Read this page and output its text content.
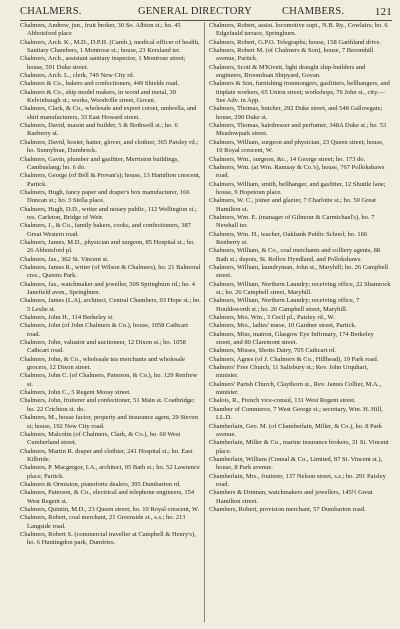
CHALMERS.	GENERAL DIRECTORY	CHAMBERS.	121

Chalmers, Andrew, jun., fruit broker, 30 So. Albion st.; ho. 45 Abbotsford place

Chalmers, Arch. K., M.D., D.P.H. (Camb.), medical officer of health, Sanitary Chambers, 1 Montrose st.; house, 23 Kersland ter.

Chalmers, Arch., assistant sanitary inspector, 1 Montrose street; house, 591 Duke street.

Chalmers, Arch. L., clerk, 749 New City rd.

Chalmers & Co., bakers and confectioners, 449 Shields road.

Chalmers & Co., ship model makers, in wood and metal, 39 Kelvinbaugh st.; works, Woodville street, Govan.

Chalmers, Clark, & Co., wholesale and export corset, umbrella, and shirt manufacturers, 33 East Howard street.

Chalmers, David, mason and builder, 5 & Bothwell st.; ho. 6 Raeberry st.

Chalmers, David, hosier, hatter, glover, and clothier, 365 Paisley rd.; ho. Sunnybrae, Dumbreck.

Chalmers, Gavin, plumber and gasfitter, Merriston buildings, Cambuslang; ho. 6 do.

Chalmers, George (of Bell & Provan's); house, 13 Hamilton crescent, Partick.

Chalmers, Hugh, fancy paper and draper's box manufacturer, 166 Duncan st.; ho. 3 Stella place.

Chalmers, Hugh, D.D., writer and notary public, 112 Wellington st.; res. Carleton, Bridge of Weir.

Chalmers, J., & Co., family bakers, cooks, and confectioners, 387 Great Western road.

Chalmers, James, M.D., physician and surgeon, 85 Hospital st.; ho. 26 Abbotsford pl.

Chalmers, Jas., 362 St. Vincent st.

Chalmers, James R., writer (of Wilson & Chalmers), ho. 21 Balmoral cres., Queens Park.

Chalmers, Jas., watchmaker and jeweller, 509 Springburn rd.; ho. 4 Janefield aven., Springburn.

Chalmers, James (L.A), architect, Central Chambers, 93 Hope st.; ho. 5 Leslie st.

Chalmers, John H., 114 Berkeley st.

Chalmers, John (of John Chalmers & Co.), house, 1058 Cathcart road.

Chalmers, John, valuator and auctioneer, 12 Dixon st.; ho. 1058 Cathcart road.

Chalmers, John, & Co., wholesale tea merchants and wholesale grocers, 12 Dixon street.

Chalmers, John C. (of Chalmers, Paterson, & Co.), ho. 129 Renfrew st.

Chalmers, John C., 5 Regent Moray street.

Chalmers, John, fruiterer and confectioner, 51 Main st. Coatbridge; ho. 22 Crichton st. do.

Chalmers, M., house factor, property and insurance agent, 29 Steven st; house, 192 New City road.

Chalmers, Malcolm (of Chalmers, Clark, & Co.), ho. 60 West Cumberland street.

Chalmers, Martin R. draper and clothier, 241 Hospital st.; ho. East Kilbride.

Chalmers, P. Macgregor, I.A., architect, 95 Bath st.; ho. 52 Lawrence place, Partick.

Chalmers & Ormiston, pianoforte dealers, 395 Dumbarton rd.

Chalmers, Paterson, & Co., electrical and telephone engineers, 154 West Regent st.

Chalmers, Quintin, M.D., 23 Queen street; ho. 10 Royal crescent, W.

Chalmers, Robert, coal merchant, 21 Greenside st., s.s.; ho. 213 Langside road.

Chalmers, Robert S. (commercial traveller at Campbell & Henry's), ho. 6 Huntingdon park, Dumfries.

Chalmers, Robert, assist. locomotive supt., N.B. Ry., Cowlairs; ho. 6 Edgefauld terrace, Springburn.

Chalmers, Robert, G.P.O. Telegraphs; house, 158 Garthland drive.

Chalmers, Robert M. (of Chalmers & Son), house, 7 Broomhill avenue, Partick.

Chalmers, Scott & M'Kivett, light draught ship-builders and engineers, Broomloan Shipyard, Govan.

Chalmers & Son, furnishing ironmongers, gasfitters, bellhangers, and tinplate workers, 65 Union street; workshops, 76 John st., city.—See Adv. in App.

Chalmers, Thomas, butcher, 292 Duke street, and 548 Gallowgate; house, 290 Duke st.

Chalmers, Thomas, hairdresser and perfumer, 348A Duke st.; ho. 53 Meadowpark street.

Chalmers, William, surgeon and physician, 23 Queen street; house, 10 Royal crescent, W.

Chalmers, Wm., surgeon, &c., 14 George street; ho. 173 do.

Chalmers, Wm. (at Wm. Ramsay & Co.'s), house, 767 Pollokshaws road.

Chalmers, William, smith, bellhanger, and gasfitter, 12 Shuttle lane; house, 9 Hopetoun place.

Chalmers, W. C., joiner and glazier, 7 Charlotte st.; ho. 50 Great Hamilton st.

Chalmers, Wm. E. (manager of Gilmour & Carmichael's), ho. 7 Newhall ter.

Chalmers, Wm. H., teacher, Oakbank Public School; ho. 166 Renberry st.

Chalmers, William, & Co., coal merchants and colliery agents, 88 Bath st.; depots, St. Rollox Hyndland, and Pollokshaws.

Chalmers, William, laundryman, John st., Maryhill; ho. 26 Campbell street.

Chalmers, William, Northern Laundry; receiving office, 22 Shamrock st.; ho. 26 Campbell street, Maryhill.

Chalmers, William, Northern Laundry; receiving office, 7 Houldsworth st.; ho. 26 Campbell street, Maryhill.

Chalmers, Mrs. Wm., 3 Cecil pl., Paisley rd., W.

Chalmers, Mrs., ladies' nurse, 10 Gardner street, Partick.

Chalmers, Miss, matron, Glasgow Eye Infirmary, 174 Berkeley street, and 80 Claremont street.

Chalmers, Misses, Shotts Dairy, 705 Cathcart rd.

Chalmers, Agnes (of J. Chalmers & Co., Hillhead), 19 Park road.

Chalmers' Free Church, 11 Salisbury st.; Rev. John Urquhart, minister.

Chalmers' Parish Church, Claythorn st., Rev. James Collier, M.A., minister.

Chalois, R., French vice-consul, 131 West Regent street.

Chamber of Commerce, 7 West George st.; secretary, Wm. H. Hill, LL.D.

Chamberlain, Geo. M. (of Chamberlain, Miller, & Co.), ho. 8 Park avenue.

Chamberlain, Miller & Co., marine insurance brokers, 31 St. Vincent place.

Chamberlain, William (Connal & Co., Limited, 87 St. Vincent st.), house, 8 Park avenue.

Chamberlain, Mrs., fruiterer, 137 Nelson street, s.s.; ho. 291 Paisley road.

Chambers & Drinnan, watchmakers and jewellers, 145½ Great Hamilton street.

Chambers, Robert, provision merchant, 57 Dumbarton road.
